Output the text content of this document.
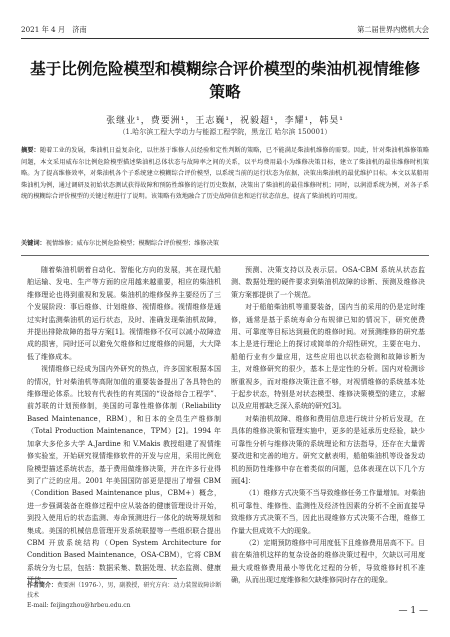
2021 年 4 月　济南	第二届世界内燃机大会
基于比例危险模型和模糊综合评价模型的柴油机视情维修策略
张继业¹，费要洲¹，王志巍¹，祝毅超¹，李耀¹，韩昊¹
（1.哈尔滨工程大学动力与能源工程学院，黑龙江 哈尔滨 150001）
摘要：随着工业的发展，柴油机日益复杂化，以往基于维修人员经验和定性判断的策略，已不能满足柴油机维修的需要。因此，针对柴油机维修策略问题，本文采用威布尔比例危险模型描述柴油机总体状态与故障率之间的关系，以平均费用最小为维修决策目标，建立了柴油机的最佳维修时机策略。为了提高维修效率，对柴油机各个子系统建立模糊综合评价模型，以系统当前的运行状态为依据，决策出柴油机的最优维护目标。本文以某船用柴油机为例，通过调研及初始状态测试获得故障和预防性维修的运行历史数据，决策出了柴油机的最佳维修时机；同时，以润滑系统为例，对各子系统的模糊综合评价模型的关键过程进行了说明。该策略有效地融合了历史故障信息和运行状态信息，提高了柴油机的可用度。
关键词：视情维修；威布尔比例危险模型；模糊综合评价模型；维修决策

随着柴油机朝着自动化、智能化方向的发展，其在现代船舶运输、发电、生产等方面的应用越来越重要，相应的柴油机维修理论也得到重视和发展。柴油机的维修保养主要经历了三个发展阶段：事后维修、计划维修、视情维修。视情维修是通过实时监测柴油机的运行状态，及时、准确发现柴油机故障，并提出排除故障的指导方案[1]。视情维修不仅可以减小故障造成的损害，同时还可以避免欠维修和过度维修的问题，大大降低了维修成本。

视情维修已经成为国内外研究的热点，许多国家根据本国的情况，针对柴油机等高附加值的重要装备提出了各具特色的维修理论体系。比较有代表性的有英国的“设备综合工程学”、前苏联的计划预修制，美国的可靠性维修体制（Reliability Based Maintenance，RBM），和日本的全员生产维修制（Total Production Maintenance，TPM）[2]。1994 年加拿大多伦多大学 A.Jardine 和 V.Makis 教授组建了视情维修实验室，开始研究视情维修软件的开发与应用，采用比例危险模型描述系统状态，基于费用做维修决策，并在许多行业得到了广泛的应用。2001 年美国国防部更是提出了增强 CBM（Condition Based Maintenance plus，CBM+）概念，进一步强调装备在维修过程中应从装备的健康管理设计开始，到投入使用后的状态监测、寿命预测进行一体化的统筹规划和集成。美国的机械信息管理开发系统联盟等一些组织联合提出 CBM 开放系统结构（Open System Architecture for Condition Based Maintenance，OSA-CBM），它将 CBM 系统分为七层，包括：数据采集、数据处理、状态监测、健康评估、

预测、决策支持以及表示层。OSA-CBM 系统从状态监测、数据处理的硬件要求到柴油机故障的诊断、预测及维修决策方案都提供了一个规范。

对于船舶柴油机等重要装备，国内当前采用的仍是定时维修，通常是基于系统寿命分布规律已知的情况下，研究使费用、可靠度等目标达到最优的维修时间。对预测维修的研究基本上是进行理论上的探讨或简单的介绍性研究，主要在电力、船舶行业有少量应用，这些应用也以状态检测和故障诊断为主，对维修研究的很少，基本上是定性的分析。国内对检测诊断重视多，而对维修决策注意不够，对视情维修的系统基本处于起步状态，特别是对状态模型、维修决策模型的建立，求解以及应用都缺乏深入系统的研究[3]。

对柴油机故障、维修和费用信息进行统计分析后发现，在具体的维修决策和管理实施中，更多的是延承历史经验，缺少可靠性分析与维修决策的系统理论和方法指导，还存在大量需要改进和完善的地方。研究文献表明，船舶柴油机等设备发动机的预防性维修中存在着类似的问题，总体表现在以下几个方面[4]：

（1）维修方式决策不当导致维修任务工作量增加。对柴油机可靠性、维修性、监测性及经济性因素的分析不全面直接导致维修方式决策不当，因此出现维修方式决策不合理，维修工作量大但成效不大的现象。

（2）定期预防维修中可用度低下且维修费用居高不下。目前在柴油机这样的复杂设备的维修决策过程中，欠缺以可用度最大或维修费用最小等优化过程的分析，导致维修时机不准确，从而出现过度维修和欠缺维修同时存在的现象。

作者简介：费要洲（1976-），男，副教授，研究方向：动力装置故障诊断技术
E-mail: feijingzhou@hrbeu.edu.cn
— 1 —
